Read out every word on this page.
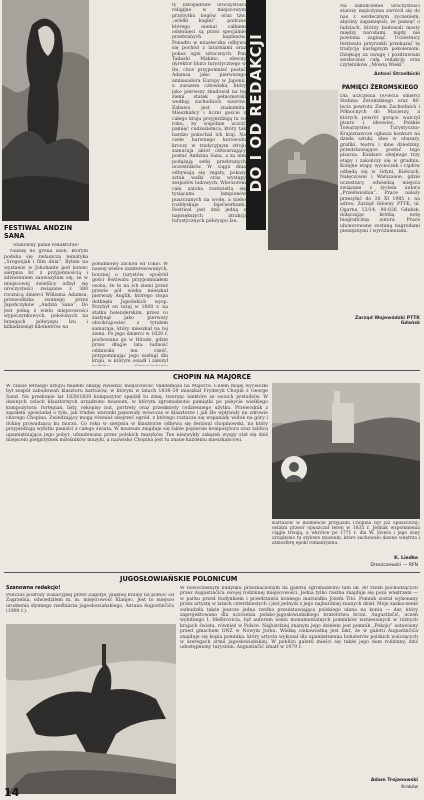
FESTIWAL ANDZIN SANA
Stanowny panie redaktorze!
Należę do grona osób, którym podoba się zwłaszcza tematyka „Srogunjak i film dnia”. Byłam na wystawie w Johohante pod koniec sierpnia br. z przyjemnością i zdziwieniem zauważyłam się, że w miejscowej świetlicy odbył się uroczystości związane z 380 rocznicą śmierci Williama Adamsa, przewodnika zwanego przez Japończyków „Andzin Sana”. Do jest jedną z wielu miejscowości wypoczynkowych, położonych na brzegach półwyspu Izu i kilkadziesiąt kilometrów na
południowy zachód od Tokio. W naszej wielce zainteresowanych, bocznej o turystów, spośród gości festiwalu przypomniałem osoba, że to na ich ziemi przez prawie pół wieku mieszkał pierwszy Anglik, którego stopa dotknęła Japońskich wysp. Przybył on tutaj w 1600 r. na statku holenderskim, przez co zasłynął jako pierwszy obcokrajowiec z tytułem samuraja, który mieszkał na tej ziemi. Po jego śmierci w 1620 r. pochowano go w Hirado, gdzie przez długie lata ludność oddawała mu cześć, przypominając jego zasługi dla kraju, w którym osiadł i założył
ty listopadowe uroczystości religijne w miejscowym przybytku bogów oraz tzw. „wielki bogini”, podczas którego niemal całkiem odsłonięci są przez specjalnie przebranych kapłanów. Ponadto w miasteczku odbywa się pochód z latarniami oraz pokaz ogni sztucznych. Pan Tadashi Makino, obecny dyrektor biura turystycznego w Ito, chce przypomnieć postać Adamsa jako pierwszego ambasadora Europy w Japonii, a zarazem człowieka, który jako pierwszy zbudował na tej ziemi statek pełnomorski według zachodnich wzorów. Zabawa jest znakomita. Mieszkańcy i liczni goście z całego kraju przyjeżdżają tu co roku, by wspólnie uczcić pamięć cudzoziemca, który tak bardzo pokochał ich kraj. Na czele barwnego korowodu kroczy w tradycyjnym stroju samuraja aktor odtwarzający postać Andzina Sana, a za nim podążają setki przebranych uczestników. W ciągu dnia odbywają się regaty, pokazy sztuk walki oraz występy zespołów ludowych. Wieczorem cała zatoka rozświetla się tysiącami lampionów puszczanych na wodę, a niebo rozbłyskuje fajerwerkami. Festiwal jest dziś jedną z największych atrakcji turystycznych półwyspu Izu.
DO I OD REDAKCJI
Na zakończenie uroczystości starszy mężczyzna zwrócił się do nas z serdecznym życzeniem, abyśmy zapamiętali, że pamięć o ludziach, którzy budowali mosty między narodami, nigdy nie powinna zaginąć. Uczestnicy festiwalu przyrzekli przekazać tę tradycję następnym pokoleniom. Dziękuję za uwagę i pozdrawiam serdecznie całą redakcję oraz czytelników „Mówią Wieki”.
Antoni Strzelbicki
PAMIĘCI ŻEROMSKIEGO
Dla uczczenia 60-lecia śmierci Stefana Żeromskiego oraz 80-lecia powrotu Ziem Zachodnich i Północnych do Macierzy, a których powrót gorąco walczył pisarz i ideowiec, Polskie Towarzystwo Turystyczno-Krajoznawcze ogłasza konkurs na dzieła sztuki, idee w obszary, grafiki, teatru i inne dziedziny, przedstawiające postać tego pisarza. Konkurs obejmuje trzy etapy i zakończy się w grudniu. Kolejne etapy wycieczek i rajdów odbędą się w Gdyni, Kielcach, Nałęczowie i Warszawie, gdzie uczestnicy odwiedzą miejsca związane z życiem autora „Przedwiośnia”. Prace należy przesyłać do 30 XI 1985 r. na adres: Zarząd Główny PTTK, ul. Ogarna 12/14, 80-826 Gdańsk, dołączając krótką notę biograficzną autora. Prace uhonorowane zostaną nagrodami pieniężnymi i wyróżnieniami.
Zarząd Wojewódzki PTTK Gdańsk
CHOPIN NA MAJORCE
W czasie letniego urlopu miałem okazję zwiedzić miejscowość Valldemosa na Majorce. Celem mojej wycieczki był zespół zabudowań klasztoru kartuzów, w którym w latach 1838–39 mieszkał Fryderyk Chopin z George Sand. Na przełomie lat 1838/1839 kompozytor spędził tu zimę, tworząc niektóre ze swoich preludiów. W dawnych celach klasztornych urządzono muzeum, w którym zgromadzono pamiątki po pobycie wielkiego kompozytora: fortepian, listy, rękopisy nut, portrety oraz przedmioty codziennego użytku. Przewodnik z zapałem opowiadał o tym, jak trudne warunki panowały wówczas w klasztorze i jak źle wpływały na zdrowie chorego Chopina. Zwiedzający mogą również obejrzeć ogród, z którego roztacza się wspaniały widok na góry i dolinę prowadzącą ku morzu. Co roku w sierpniu w klasztorze odbywa się festiwal chopinowski, na który przyjeżdżają wybitni pianiści z całego świata. W muzeum znajduje się także popiersie kompozytora oraz tablica upamiętniająca jego pobyt, ufundowana przez polskich muzyków. Ten niezwykły zakątek wyspy stał się dziś miejscem pielgrzymek miłośników muzyki, a nazwisko Chopina jest tu znane każdemu mieszkańcowi.
Kartuzów w momencie przyjazdu Chopina był już opuszczony; ostatni przeor opuszczał teren w 1835 r. Jednak wspomnienia ciągle trwają, a wkrótce po 1771 r. dla W. Sivera i jego żony urządzono tu stylowe muzeum, które zachowało dawne wnętrza i atmosferę epoki romantyzmu.
K. Liedke
Dreszczewski — RFN
JUGOSŁOWIAŃSKIE POLONICUM
Szanowna redakcjo!
Podczas podróży wakacyjnej przez Zagorje, pięknej krainy na północ od Zagrzebia, odwiedziłem m. in. miejscowość Klanjec. Jest to miejsce urodzenia słynnego rzeźbiarza jugosłowiańskiego, Antuna Augustinčića (1900 r.).
W nowoczesnym budynku przeznaczonym na galerię zgromadzono tam ok. 80 rzeźb pochodzących przez Augustinčića swojej rodzinnej miejscowości. Jedna tylko rzeźba znajduje się poza wnętrzem — w parku przed budynkiem i przedstawia konnego marszałka Józefa Tito. Pomnik został wykonany przez artystę w latach czterdziestych i jest jednym z jego najbardziej znanych dzieł. Moje zaskoczenie wzbudziła także jeszcze jedna rzeźba przedstawiająca polskiego ułana na koniu — dar, który zaprojektowano dla uczczenia polsko-jugosłowiańskiego braterstwa broni. Augustinčić, uczeń wybitnego I. Meštrovicia, był autorem wielu monumentalnych pomników wzniesionych w różnych krajach świata, również w Polsce. Najbardziej znanym jego dziełem jest pomnik „Pokoju” ustawiony przed gmachem ONZ w Nowym Jorku. Wielką ciekawostką jest fakt, że w galerii Augustinčića znajduje się kopia pomnika, który artysta wykonał dla upamiętnienia bohaterów polskich walczących w szeregach armii jugosłowiańskiej. W pobliżu galerii mieści się także jego dom rodzinny, dziś udostępniony turystom. Augustinčić zmarł w 1979 r.
Adam Trojanowski
Kraków
14
